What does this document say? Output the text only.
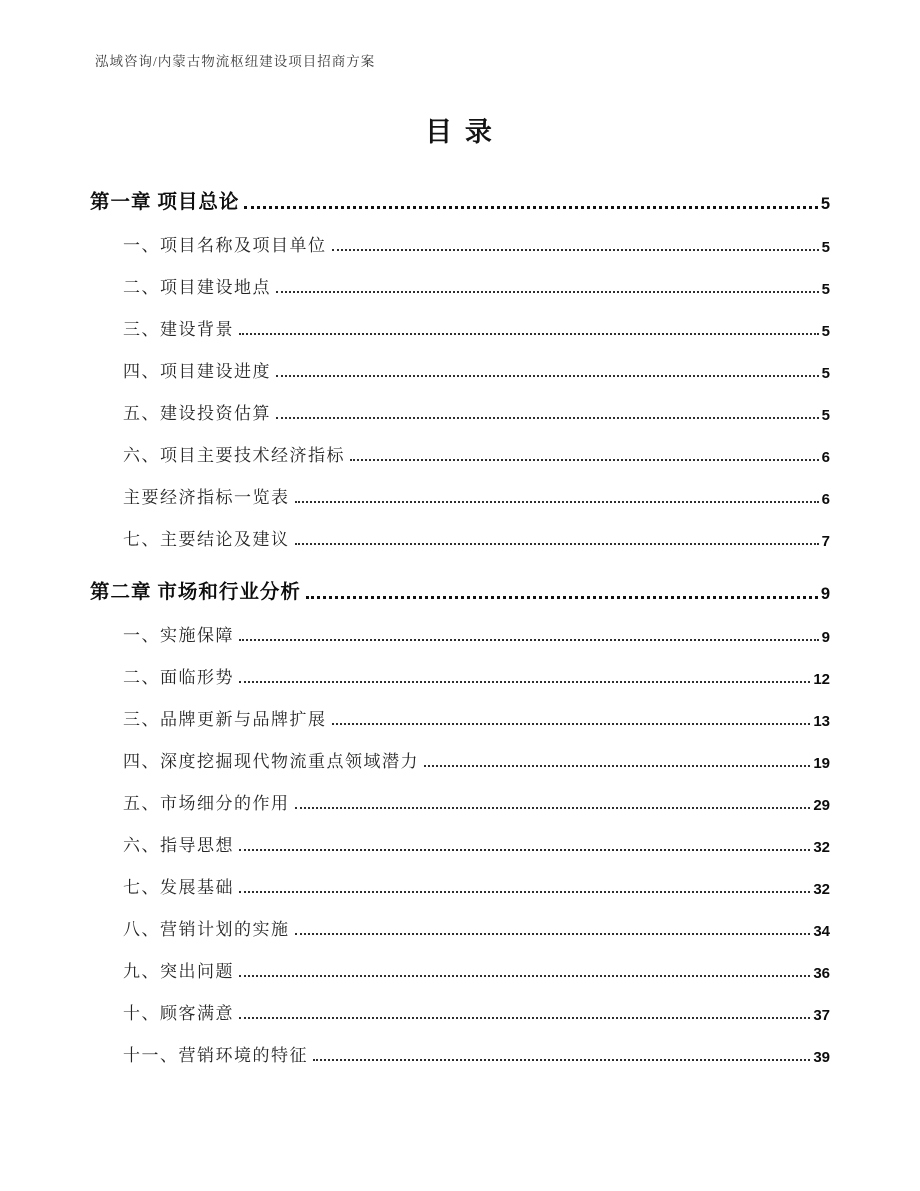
泓域咨询/内蒙古物流枢纽建设项目招商方案
目 录
第一章 项目总论	5
一、项目名称及项目单位	5
二、项目建设地点	5
三、建设背景	5
四、项目建设进度	5
五、建设投资估算	5
六、项目主要技术经济指标	6
主要经济指标一览表	6
七、主要结论及建议	7
第二章 市场和行业分析	9
一、实施保障	9
二、面临形势	12
三、品牌更新与品牌扩展	13
四、深度挖掘现代物流重点领域潜力	19
五、市场细分的作用	29
六、指导思想	32
七、发展基础	32
八、营销计划的实施	34
九、突出问题	36
十、顾客满意	37
十一、营销环境的特征	39
